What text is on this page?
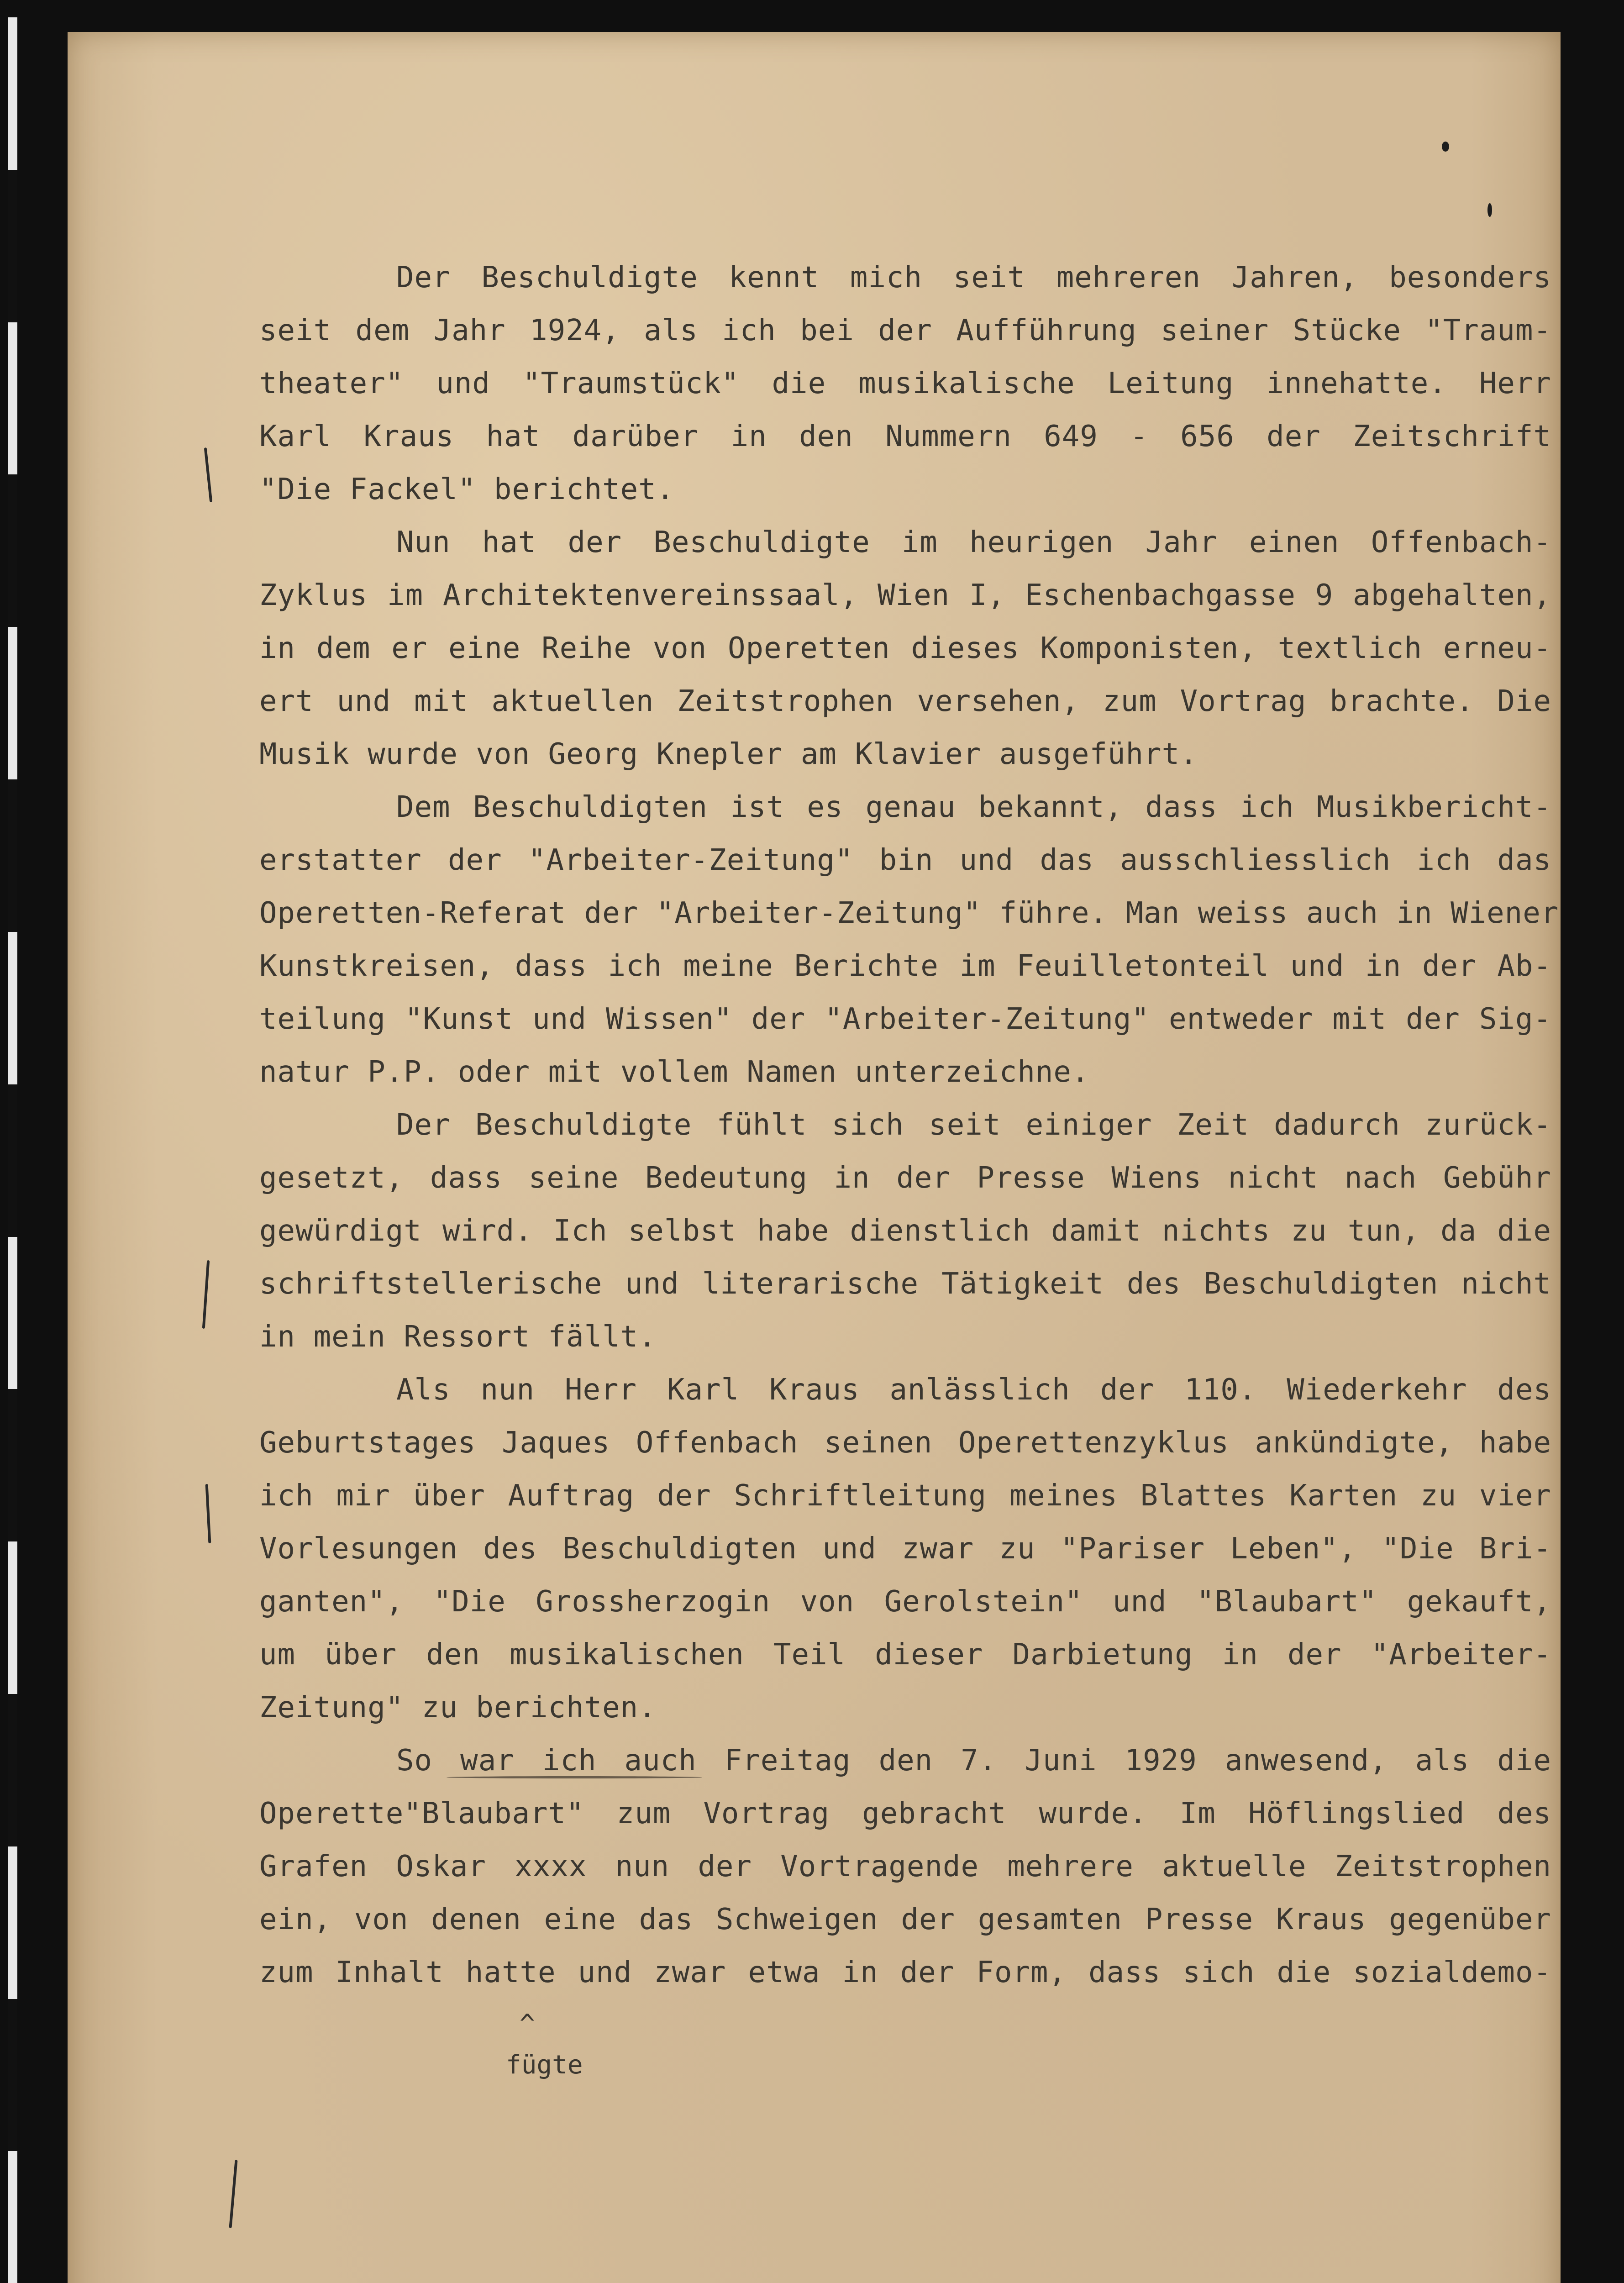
Der Beschuldigte kennt mich seit mehreren Jahren, besonders
seit dem Jahr 1924, als ich bei der Aufführung seiner Stücke "Traum-
theater" und "Traumstück" die musikalische Leitung innehatte. Herr
Karl Kraus hat darüber in den Nummern 649 - 656 der Zeitschrift
"Die Fackel" berichtet.
Nun hat der Beschuldigte im heurigen Jahr einen Offenbach-
Zyklus im Architektenvereinssaal, Wien I, Eschenbachgasse 9 abgehalten,
in dem er eine Reihe von Operetten dieses Komponisten, textlich erneu-
ert und mit aktuellen Zeitstrophen versehen, zum Vortrag brachte. Die
Musik wurde von Georg Knepler am Klavier ausgeführt.
Dem Beschuldigten ist es genau bekannt, dass ich Musikbericht-
erstatter der "Arbeiter-Zeitung" bin und das ausschliesslich ich das
Operetten-Referat der "Arbeiter-Zeitung" führe. Man weiss auch in Wiener
Kunstkreisen, dass ich meine Berichte im Feuilletonteil und in der Ab-
teilung "Kunst und Wissen" der "Arbeiter-Zeitung" entweder mit der Sig-
natur P.P. oder mit vollem Namen unterzeichne.
Der Beschuldigte fühlt sich seit einiger Zeit dadurch zurück-
gesetzt, dass seine Bedeutung in der Presse Wiens nicht nach Gebühr
gewürdigt wird. Ich selbst habe dienstlich damit nichts zu tun, da die
schriftstellerische und literarische Tätigkeit des Beschuldigten nicht
in mein Ressort fällt.
Als nun Herr Karl Kraus anlässlich der 110. Wiederkehr des
Geburtstages Jaques Offenbach seinen Operettenzyklus ankündigte, habe
ich mir über Auftrag der Schriftleitung meines Blattes Karten zu vier
Vorlesungen des Beschuldigten und zwar zu "Pariser Leben", "Die Bri-
ganten", "Die Grossherzogin von Gerolstein" und "Blaubart" gekauft,
um über den musikalischen Teil dieser Darbietung in der "Arbeiter-
Zeitung" zu berichten.
So war ich auch Freitag den 7. Juni 1929 anwesend, als die
Operette"Blaubart" zum Vortrag gebracht wurde. Im Höflingslied des
Grafen Oskar xxxx nun der Vortragende mehrere aktuelle Zeitstrophen
ein, von denen eine das Schweigen der gesamten Presse Kraus gegenüber
zum Inhalt hatte und zwar etwa in der Form, dass sich die sozialdemo-
fügte
^
